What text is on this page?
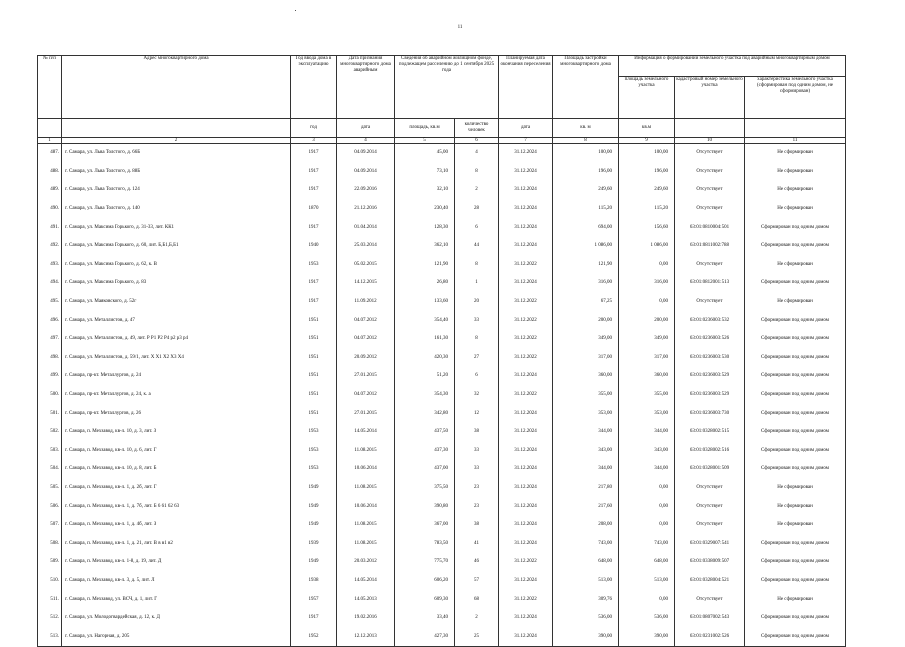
11
№ п/п	Адрес многоквартирного дома	Год ввода дома в эксплуатацию	Дата признания многоквартирного дома аварийным	Сведения об аварийном жилищном фонде, подлежащем расселению до 1 сентября 2025 года		Планируемая дата окончания переселения	Площадь застройки многоквартирного дома	Информация о формировании земельного участка под аварийным многоквартирным домом		
								площадь земельного участка	кадастровый номер земельного участка	характеристика земельного участка (сформирован под одним домом, не сформирован)
		год	дата	площадь, кв.м	количество человек	дата	кв. м	кв.м		
1	2	3	4	5	6	7	8	9	10	11
487.	г. Самара, ул. Льва Толстого, д. 66Б	1917	04.09.2014	45,00	4	31.12.2024	100,00	100,00	Отсутствует	Не сформирован
488.	г. Самара, ул. Льва Толстого, д. 88Б	1917	04.09.2014	73,10	8	31.12.2024	196,00	196,00	Отсутствует	Не сформирован
489.	г. Самара, ул. Льва Толстого, д. 124	1917	22.09.2016	32,10	2	31.12.2024	249,60	249,60	Отсутствует	Не сформирован
490.	г. Самара, ул. Льва Толстого, д. 140	1870	21.12.2016	230,40	28	31.12.2024	115,20	115,20	Отсутствует	Не сформирован
491.	г. Самара, ул. Максима Горького, д. 31-33, лит. КК1	1917	01.04.2014	128,30	6	31.12.2024	694,00	156,60	63:01:0810004:501	Сформирован под одним домом
492.	г. Самара, ул. Максима Горького, д. 60, лит. Б,Б1,Б,Б1	1940	25.03.2014	362,10	44	31.12.2024	1 086,00	1 086,00	63:01:0811002:788	Сформирован под одним домом
493.	г. Самара, ул. Максима Горького, д. 62, к. В	1953	05.02.2015	121,90	8	31.12.2022	121,90	0,00	Отсутствует	Не сформирован
494.	г. Самара, ул. Максима Горького, д. 83	1917	14.12.2015	26,80	1	31.12.2024	316,00	316,00	63:01:0812001:513	Сформирован под одним домом
495.	г. Самара, ул. Маяковского, д. 52г	1917	11.09.2012	133,60	20	31.12.2022	67,25	0,00	Отсутствует	Не сформирован
496.	г. Самара, ул. Металлистов, д. 47	1951	04.07.2012	354,40	33	31.12.2022	200,00	200,00	63:01:0236003:532	Сформирован под одним домом
497.	г. Самара, ул. Металлистов, д. 49, лит. Р Р1 Р2 Р4 р2 р3 р4	1951	04.07.2012	161,30	8	31.12.2022	349,00	349,00	63:01:0236003:526	Сформирован под одним домом
498.	г. Самара, ул. Металлистов, д. 59/1, лит. Х Х1 Х2 Х3 Х4	1951	20.09.2012	420,30	27	31.12.2022	317,00	317,00	63:01:0236003:530	Сформирован под одним домом
499.	г. Самара, пр-кт. Металлургов, д. 24	1951	27.01.2015	51,20	6	31.12.2024	360,00	360,00	63:01:0236003:529	Сформирован под одним домом
500.	г. Самара, пр-кт. Металлургов, д. 24, к. а	1951	04.07.2012	354,30	32	31.12.2022	355,00	355,00	63:01:0236003:529	Сформирован под одним домом
501.	г. Самара, пр-кт. Металлургов, д. 26	1951	27.01.2015	342,80	12	31.12.2024	353,00	353,00	63:01:0236003:730	Сформирован под одним домом
502.	г. Самара, п. Мехзавод, кв-л. 10, д. 3, лит. З	1953	14.05.2014	437,50	38	31.12.2024	344,00	344,00	63:01:0328002:515	Сформирован под одним домом
503.	г. Самара, п. Мехзавод, кв-л. 10, д. 6, лит. Г	1953	11.08.2015	437,30	33	31.12.2024	343,00	343,00	63:01:0328002:516	Сформирован под одним домом
504.	г. Самара, п. Мехзавод, кв-л. 10, д. 8, лит. Б	1953	10.06.2014	437,00	33	31.12.2024	344,00	344,00	63:01:0328001:509	Сформирован под одним домом
505.	г. Самара, п. Мехзавод, кв-л. 1, д. 2б, лит. Г	1949	11.08.2015	375,50	23	31.12.2024	217,80	0,00	Отсутствует	Не сформирован
506.	г. Самара, п. Мехзавод, кв-л. 1, д. 7б, лит. Б 6 61 62 63	1949	10.06.2014	390,80	23	31.12.2024	217,60	0,00	Отсутствует	Не сформирован
507.	г. Самара, п. Мехзавод, кв-л. 1, д. 4б, лит. З	1949	11.08.2015	367,00	38	31.12.2024	208,00	0,00	Отсутствует	Не сформирован
508.	г. Самара, п. Мехзавод, кв-л. 1, д. 21, лит. В в в1 в2	1939	11.08.2015	783,50	41	31.12.2024	743,00	743,00	63:01:0329007:541	Сформирован под одним домом
509.	г. Самара, п. Мехзавод, кв-л. 1-8, д. 19, лит. Д	1949	20.03.2012	775,70	46	31.12.2022	648,00	648,00	63:01:0338009:507	Сформирован под одним домом
510.	г. Самара, п. Мехзавод, кв-л. 3, д. 5, лит. Л	1938	14.05.2014	606,20	57	31.12.2024	513,00	513,00	63:01:0328004:521	Сформирован под одним домом
511.	г. Самара, п. Мехзавод, ул. ВСЧ, д. 1, лит. Г	1957	14.05.2013	609,30	68	31.12.2022	309,76	0,00	Отсутствует	Не сформирован
512.	г. Самара, ул. Молодогвардейская, д. 12, к. Д	1917	19.02.2016	33,40	2	31.12.2024	536,00	536,00	63:01:0807002:543	Сформирован под одним домом
513.	г. Самара, ул. Нагорная, д. 205	1952	12.12.2013	427,30	25	31.12.2024	390,00	390,00	63:01:0231002:526	Сформирован под одним домом
